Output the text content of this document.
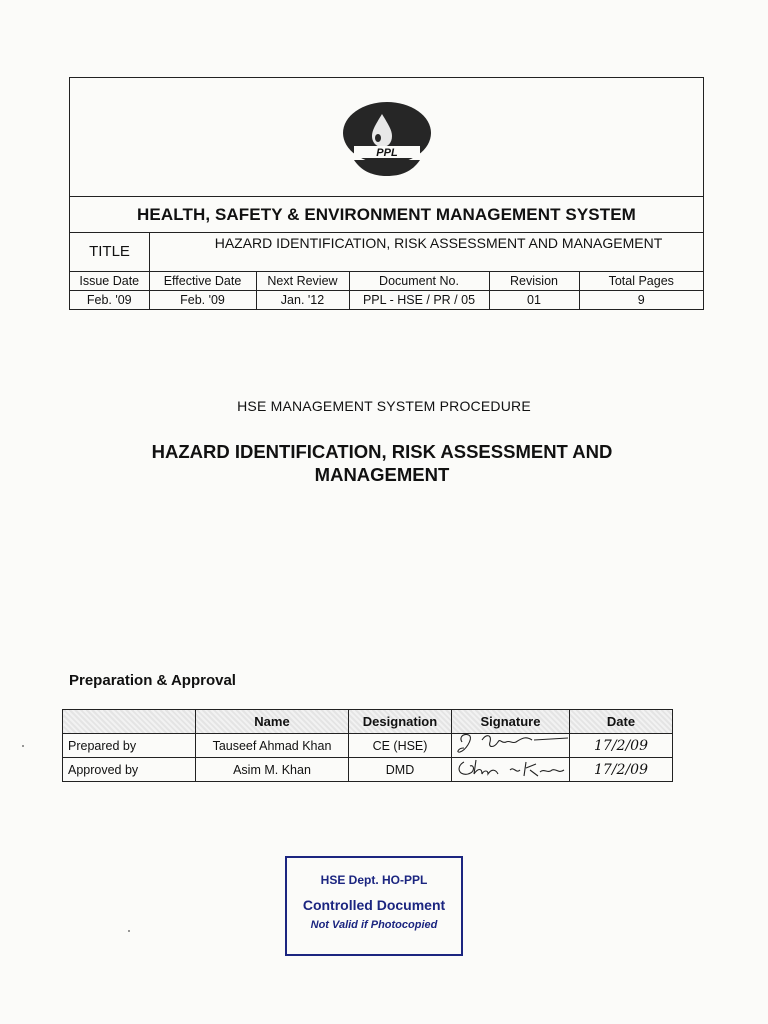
PPL
HEALTH, SAFETY & ENVIRONMENT MANAGEMENT SYSTEM
TITLE	HAZARD IDENTIFICATION, RISK ASSESSMENT AND MANAGEMENT
Issue Date	Effective Date	Next Review	Document No.	Revision	Total Pages
Feb. '09	Feb. '09	Jan. '12	PPL - HSE / PR / 05	01	9
HSE MANAGEMENT SYSTEM PROCEDURE
HAZARD IDENTIFICATION, RISK ASSESSMENT AND
MANAGEMENT
Preparation & Approval
	Name	Designation	Signature	Date
Prepared by	Tauseef Ahmad Khan	CE (HSE)		17/2/09
Approved by	Asim M. Khan	DMD		17/2/09
HSE Dept. HO-PPL
Controlled Document
Not Valid if Photocopied
